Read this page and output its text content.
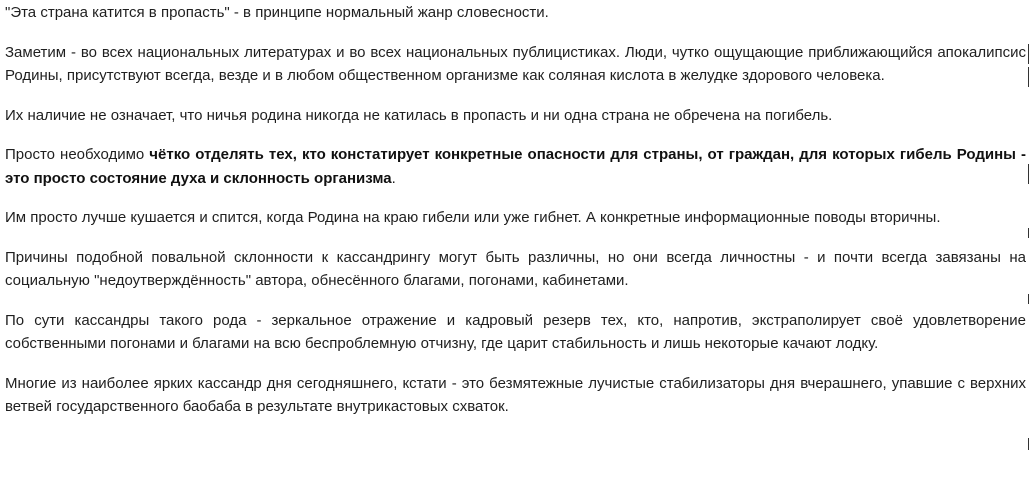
"Эта страна катится в пропасть" - в принципе нормальный жанр словесности.

Заметим - во всех национальных литературах и во всех национальных публицистиках. Люди, чутко ощущающие приближающийся апокалипсис Родины, присутствуют всегда, везде и в любом общественном организме как соляная кислота в желудке здорового человека.

Их наличие не означает, что ничья родина никогда не катилась в пропасть и ни одна страна не обречена на погибель.

Просто необходимо чётко отделять тех, кто констатирует конкретные опасности для страны, от граждан, для которых гибель Родины - это просто состояние духа и склонность организма.

Им просто лучше кушается и спится, когда Родина на краю гибели или уже гибнет. А конкретные информационные поводы вторичны.

Причины подобной повальной склонности к кассандрингу могут быть различны, но они всегда личностны - и почти всегда завязаны на социальную "недоутверждённость" автора, обнесённого благами, погонами, кабинетами.

По сути кассандры такого рода - зеркальное отражение и кадровый резерв тех, кто, напротив, экстраполирует своё удовлетворение собственными погонами и благами на всю беспроблемную отчизну, где царит стабильность и лишь некоторые качают лодку.

Многие из наиболее ярких кассандр дня сегодняшнего, кстати - это безмятежные лучистые стабилизаторы дня вчерашнего, упавшие с верхних ветвей государственного баобаба в результате внутрикастовых схваток.
